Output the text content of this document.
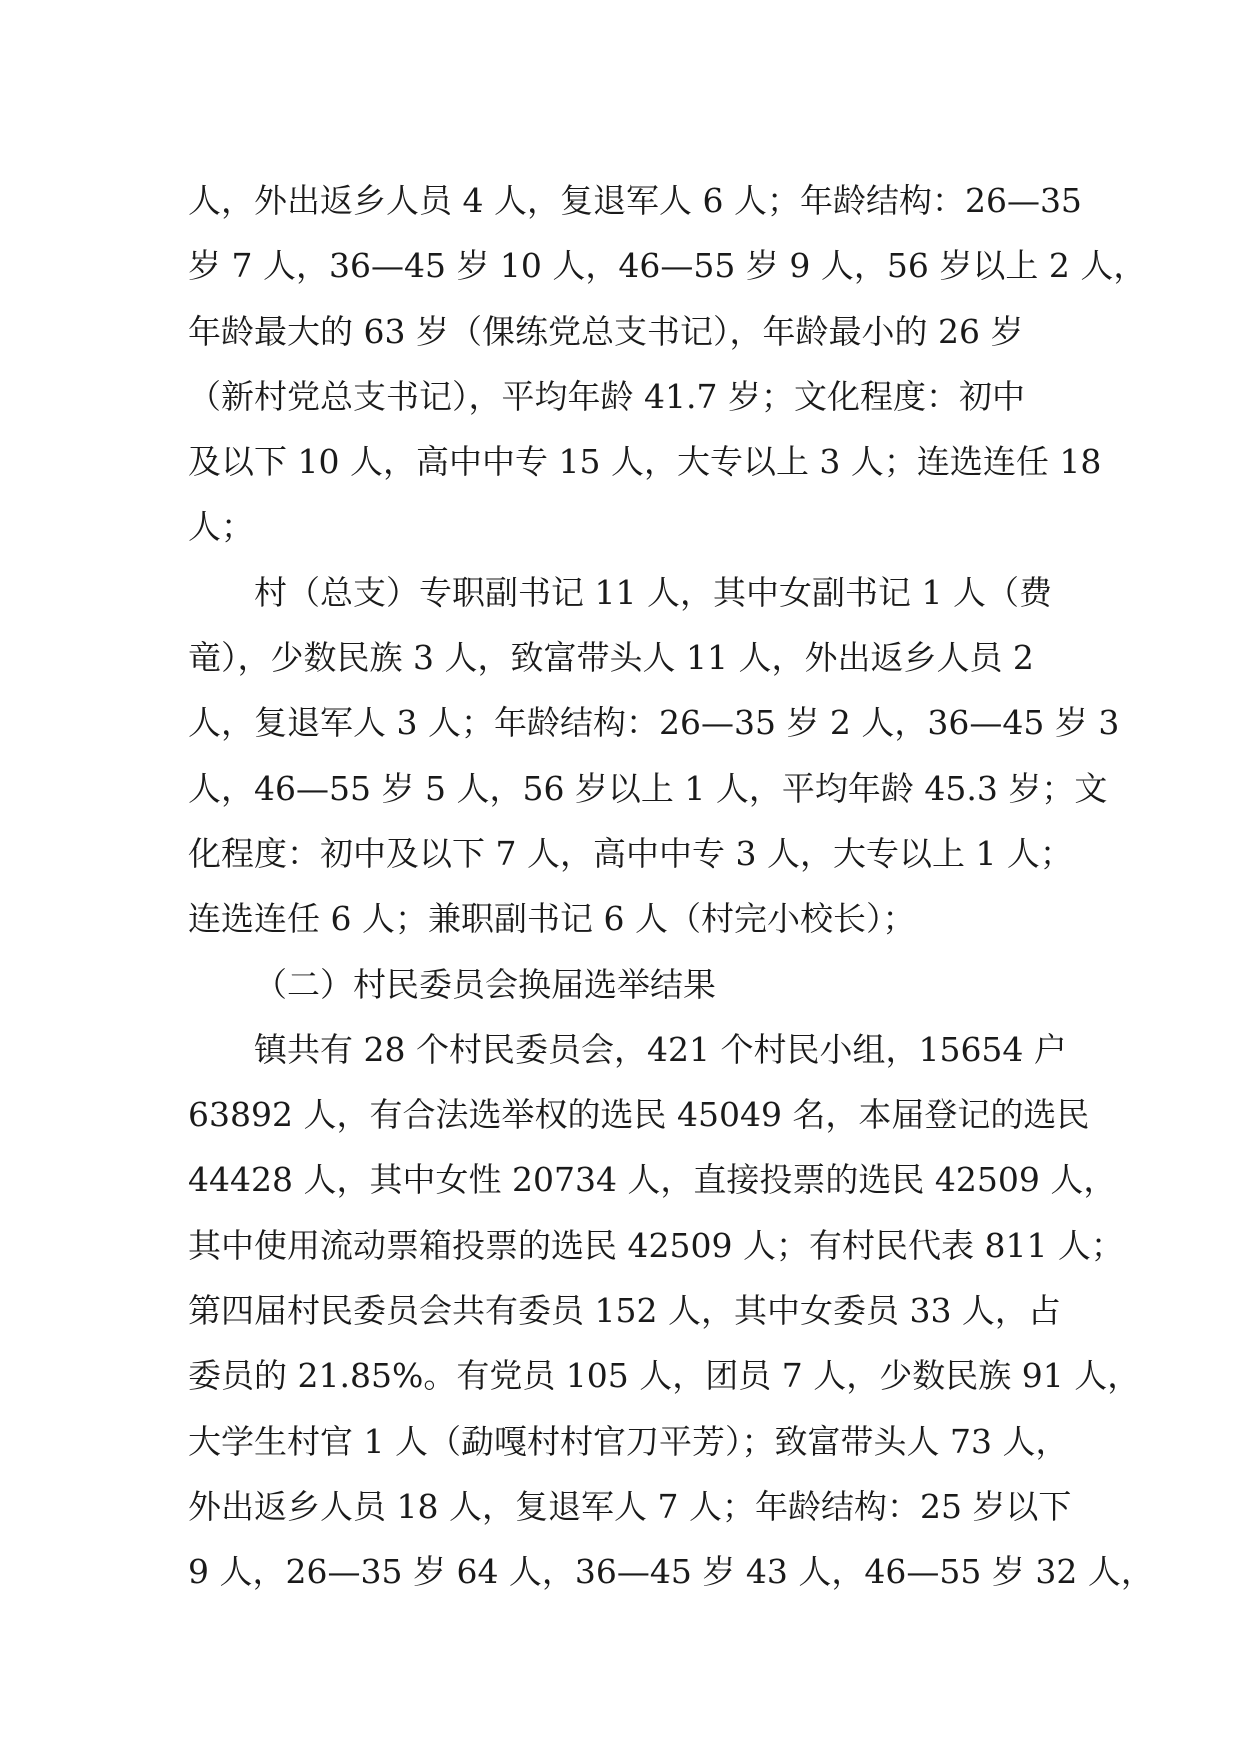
人，外出返乡人员 4 人，复退军人 6 人；年龄结构：26—35
岁 7 人，36—45 岁 10 人，46—55 岁 9 人，56 岁以上 2 人，
年龄最大的 63 岁（倮练党总支书记），年龄最小的 26 岁
（新村党总支书记），平均年龄 41.7 岁；文化程度：初中
及以下 10 人，高中中专 15 人，大专以上 3 人；连选连任 18
人；
村（总支）专职副书记 11 人，其中女副书记 1 人（费
竜），少数民族 3 人，致富带头人 11 人，外出返乡人员 2
人，复退军人 3 人；年龄结构：26—35 岁 2 人，36—45 岁 3
人，46—55 岁 5 人，56 岁以上 1 人，平均年龄 45.3 岁；文
化程度：初中及以下 7 人，高中中专 3 人，大专以上 1 人；
连选连任 6 人；兼职副书记 6 人（村完小校长）；
（二）村民委员会换届选举结果
镇共有 28 个村民委员会，421 个村民小组，15654 户
63892 人，有合法选举权的选民 45049 名，本届登记的选民
44428 人，其中女性 20734 人，直接投票的选民 42509 人，
其中使用流动票箱投票的选民 42509 人；有村民代表 811 人；
第四届村民委员会共有委员 152 人，其中女委员 33 人，占
委员的 21.85%。有党员 105 人，团员 7 人，少数民族 91 人，
大学生村官 1 人（勐嘎村村官刀平芳）；致富带头人 73 人，
外出返乡人员 18 人，复退军人 7 人；年龄结构：25 岁以下
9 人，26—35 岁 64 人，36—45 岁 43 人，46—55 岁 32 人，
